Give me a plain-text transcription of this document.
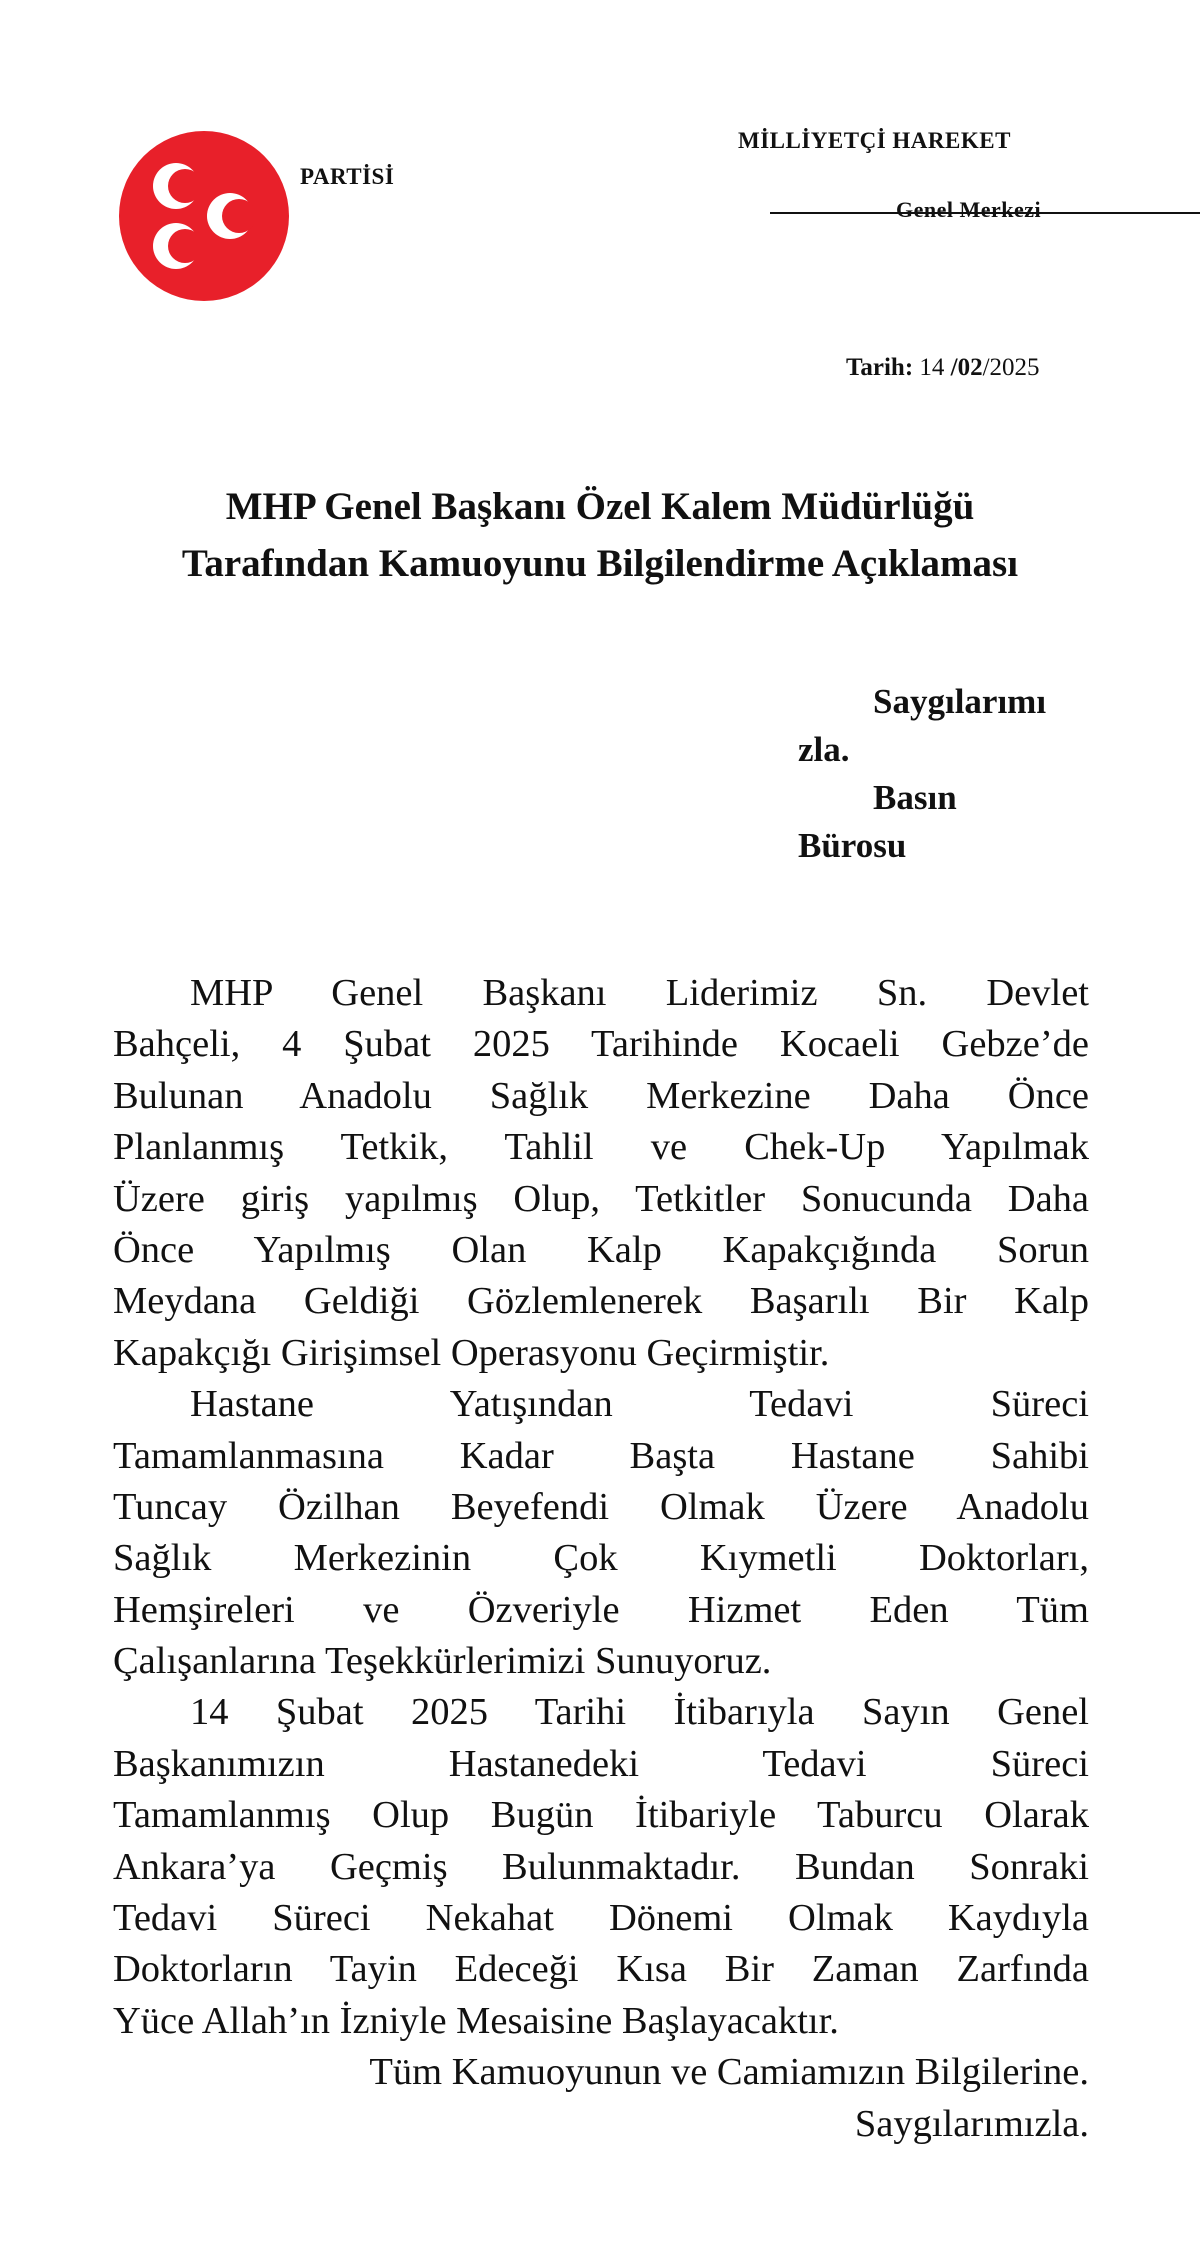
MİLLİYETÇİ HAREKET
PARTİSİ
Genel Merkezi
Tarih: 14 /02/2025
MHP Genel Başkanı Özel Kalem Müdürlüğü
Tarafından Kamuoyunu Bilgilendirme Açıklaması
Saygılarımı
zla.
Basın
Bürosu
MHP Genel Başkanı Liderimiz Sn. Devlet
Bahçeli, 4 Şubat 2025 Tarihinde Kocaeli Gebze’de
Bulunan Anadolu Sağlık Merkezine Daha Önce
Planlanmış Tetkik, Tahlil ve Chek-Up Yapılmak
Üzere giriş yapılmış Olup, Tetkitler Sonucunda Daha
Önce Yapılmış Olan Kalp Kapakçığında Sorun
Meydana Geldiği Gözlemlenerek Başarılı Bir Kalp
Kapakçığı Girişimsel Operasyonu Geçirmiştir.
Hastane Yatışından Tedavi Süreci
Tamamlanmasına Kadar Başta Hastane Sahibi
Tuncay Özilhan Beyefendi Olmak Üzere Anadolu
Sağlık Merkezinin Çok Kıymetli Doktorları,
Hemşireleri ve Özveriyle Hizmet Eden Tüm
Çalışanlarına Teşekkürlerimizi Sunuyoruz.
14 Şubat 2025 Tarihi İtibarıyla Sayın Genel
Başkanımızın Hastanedeki Tedavi Süreci
Tamamlanmış Olup Bugün İtibariyle Taburcu Olarak
Ankara’ya Geçmiş Bulunmaktadır. Bundan Sonraki
Tedavi Süreci Nekahat Dönemi Olmak Kaydıyla
Doktorların Tayin Edeceği Kısa Bir Zaman Zarfında
Yüce Allah’ın İzniyle Mesaisine Başlayacaktır.
Tüm Kamuoyunun ve Camiamızın Bilgilerine.
Saygılarımızla.
